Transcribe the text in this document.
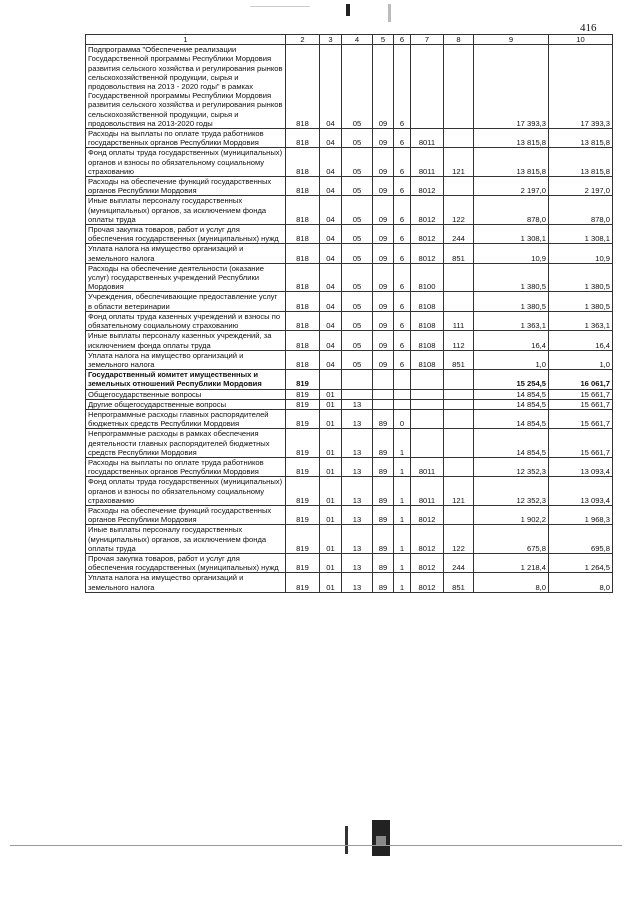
416
1	2	3	4	5	6	7	8	9	10
Подпрограмма "Обеспечение реализации Государственной программы Республики Мордовия развития сельского хозяйства и регулирования рынков сельскохозяйственной продукции, сырья и продовольствия на 2013 - 2020 годы" в рамках Государственной программы Республики Мордовия развития сельского хозяйства и регулирования рынков сельскохозяйственной продукции, сырья и продовольствия на 2013-2020 годы	818	04	05	09	6			17 393,3	17 393,3
Расходы на выплаты по оплате труда работников государственных органов Республики Мордовия	818	04	05	09	6	8011		13 815,8	13 815,8
Фонд оплаты труда государственных (муниципальных) органов и взносы по обязательному социальному страхованию	818	04	05	09	6	8011	121	13 815,8	13 815,8
Расходы на обеспечение функций государственных органов Республики Мордовия	818	04	05	09	6	8012		2 197,0	2 197,0
Иные выплаты персоналу государственных (муниципальных) органов, за исключением фонда оплаты труда	818	04	05	09	6	8012	122	878,0	878,0
Прочая закупка товаров, работ и услуг для обеспечения государственных (муниципальных) нужд	818	04	05	09	6	8012	244	1 308,1	1 308,1
Уплата налога на имущество организаций и земельного налога	818	04	05	09	6	8012	851	10,9	10,9
Расходы на обеспечение деятельности (оказание услуг) государственных учреждений Республики Мордовия	818	04	05	09	6	8100		1 380,5	1 380,5
Учреждения, обеспечивающие предоставление услуг в области ветеринарии	818	04	05	09	6	8108		1 380,5	1 380,5
Фонд оплаты труда казенных учреждений и взносы по обязательному социальному страхованию	818	04	05	09	6	8108	111	1 363,1	1 363,1
Иные выплаты персоналу казенных учреждений, за исключением фонда оплаты труда	818	04	05	09	6	8108	112	16,4	16,4
Уплата налога на имущество организаций и земельного налога	818	04	05	09	6	8108	851	1,0	1,0
Государственный комитет имущественных и земельных отношений Республики Мордовия	819							15 254,5	16 061,7
Общегосударственные вопросы	819	01						14 854,5	15 661,7
Другие общегосударственные вопросы	819	01	13					14 854,5	15 661,7
Непрограммные расходы главных распорядителей бюджетных средств Республики Мордовия	819	01	13	89	0			14 854,5	15 661,7
Непрограммные расходы в рамках обеспечения деятельности главных распорядителей бюджетных средств Республики Мордовия	819	01	13	89	1			14 854,5	15 661,7
Расходы на выплаты по оплате труда работников государственных органов Республики Мордовия	819	01	13	89	1	8011		12 352,3	13 093,4
Фонд оплаты труда государственных (муниципальных) органов и взносы по обязательному социальному страхованию	819	01	13	89	1	8011	121	12 352,3	13 093,4
Расходы на обеспечение функций государственных органов Республики Мордовия	819	01	13	89	1	8012		1 902,2	1 968,3
Иные выплаты персоналу государственных (муниципальных) органов, за исключением фонда оплаты труда	819	01	13	89	1	8012	122	675,8	695,8
Прочая закупка товаров, работ и услуг для обеспечения государственных (муниципальных) нужд	819	01	13	89	1	8012	244	1 218,4	1 264,5
Уплата налога на имущество организаций и земельного налога	819	01	13	89	1	8012	851	8,0	8,0
